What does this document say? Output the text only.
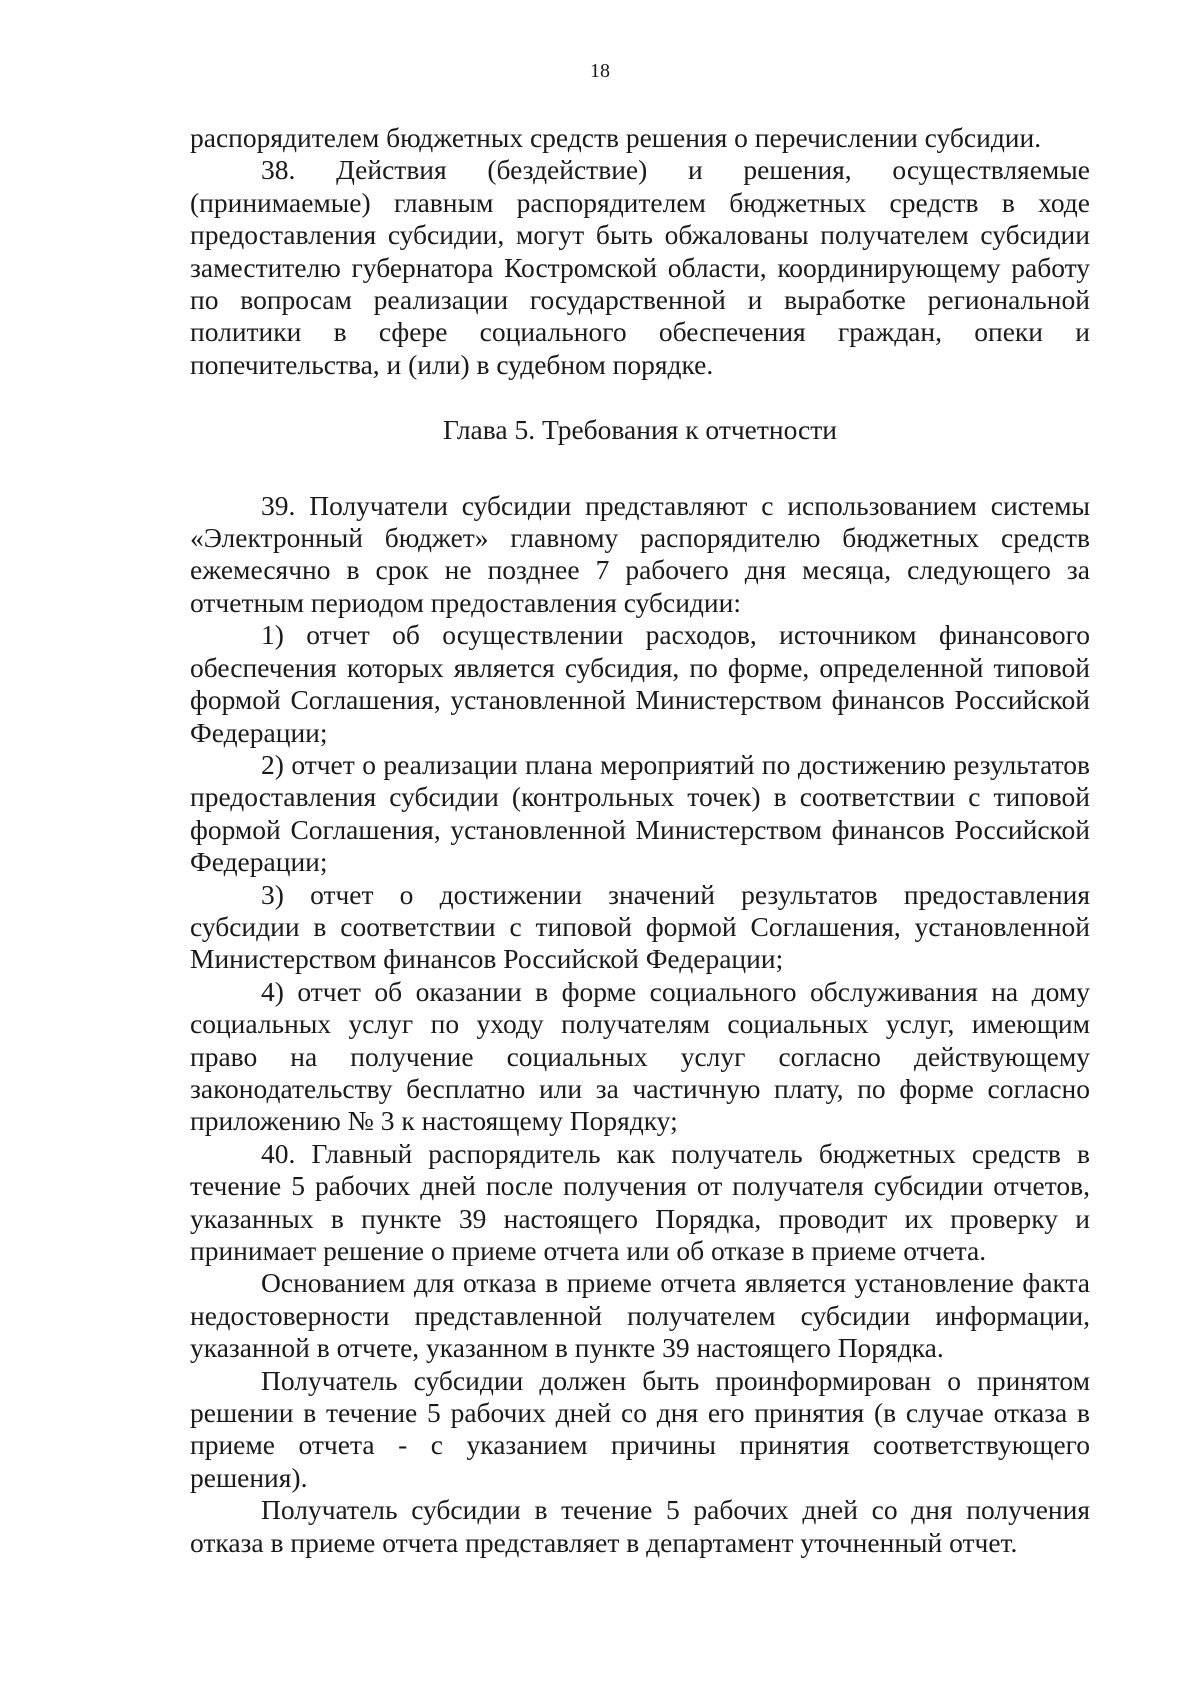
18

распорядителем бюджетных средств решения о перечислении субсидии.

38. Действия (бездействие) и решения, осуществляемые (принимаемые) главным распорядителем бюджетных средств в ходе предоставления субсидии, могут быть обжалованы получателем субсидии заместителю губернатора Костромской области, координирующему работу по вопросам реализации государственной и выработке региональной политики в сфере социального обеспечения граждан, опеки и попечительства, и (или) в судебном порядке.

Глава 5. Требования к отчетности

39. Получатели субсидии представляют с использованием системы «Электронный бюджет» главному распорядителю бюджетных средств ежемесячно в срок не позднее 7 рабочего дня месяца, следующего за отчетным периодом предоставления субсидии:

1) отчет об осуществлении расходов, источником финансового обеспечения которых является субсидия, по форме, определенной типовой формой Соглашения, установленной Министерством финансов Российской Федерации;

2) отчет о реализации плана мероприятий по достижению результатов предоставления субсидии (контрольных точек) в соответствии с типовой формой Соглашения, установленной Министерством финансов Российской Федерации;

3) отчет о достижении значений результатов предоставления субсидии в соответствии с типовой формой Соглашения, установленной Министерством финансов Российской Федерации;

4) отчет об оказании в форме социального обслуживания на дому социальных услуг по уходу получателям социальных услуг, имеющим право на получение социальных услуг согласно действующему законодательству бесплатно или за частичную плату, по форме согласно приложению № 3 к настоящему Порядку;

40. Главный распорядитель как получатель бюджетных средств в течение 5 рабочих дней после получения от получателя субсидии отчетов, указанных в пункте 39 настоящего Порядка, проводит их проверку и принимает решение о приеме отчета или об отказе в приеме отчета.

Основанием для отказа в приеме отчета является установление факта недостоверности представленной получателем субсидии информации, указанной в отчете, указанном в пункте 39 настоящего Порядка.

Получатель субсидии должен быть проинформирован о принятом решении в течение 5 рабочих дней со дня его принятия (в случае отказа в приеме отчета - с указанием причины принятия соответствующего решения).

Получатель субсидии в течение 5 рабочих дней со дня получения отказа в приеме отчета представляет в департамент уточненный отчет.
